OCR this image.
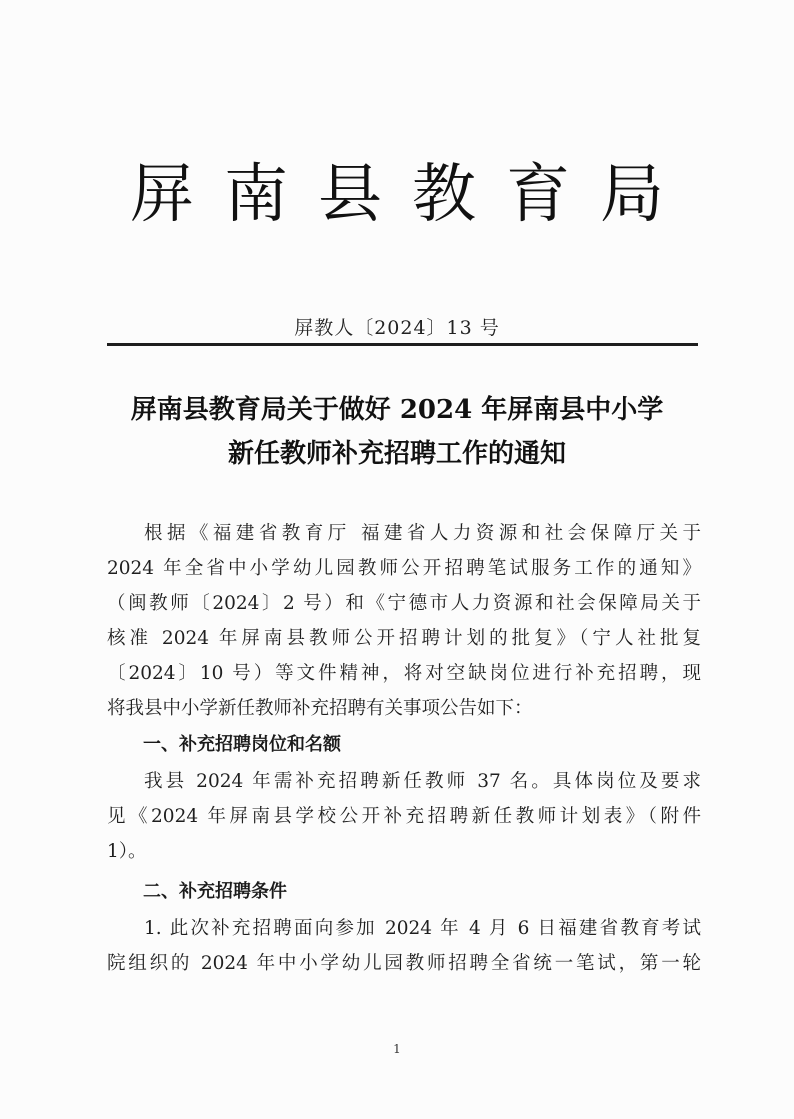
屏南县教育局
屏教人〔2024〕13 号
屏南县教育局关于做好 2024 年屏南县中小学
新任教师补充招聘工作的通知
根据《福建省教育厅 福建省人力资源和社会保障厅关于
2024 年全省中小学幼儿园教师公开招聘笔试服务工作的通知》
（闽教师〔2024〕2 号）和《宁德市人力资源和社会保障局关于
核准 2024 年屏南县教师公开招聘计划的批复》（宁人社批复
〔2024〕10 号）等文件精神，将对空缺岗位进行补充招聘，现
将我县中小学新任教师补充招聘有关事项公告如下：
一、补充招聘岗位和名额
我县 2024 年需补充招聘新任教师 37 名。具体岗位及要求
见《2024 年屏南县学校公开补充招聘新任教师计划表》（附件
1）。
二、补充招聘条件
1. 此次补充招聘面向参加 2024 年 4 月 6 日福建省教育考试
院组织的 2024 年中小学幼儿园教师招聘全省统一笔试，第一轮
1
